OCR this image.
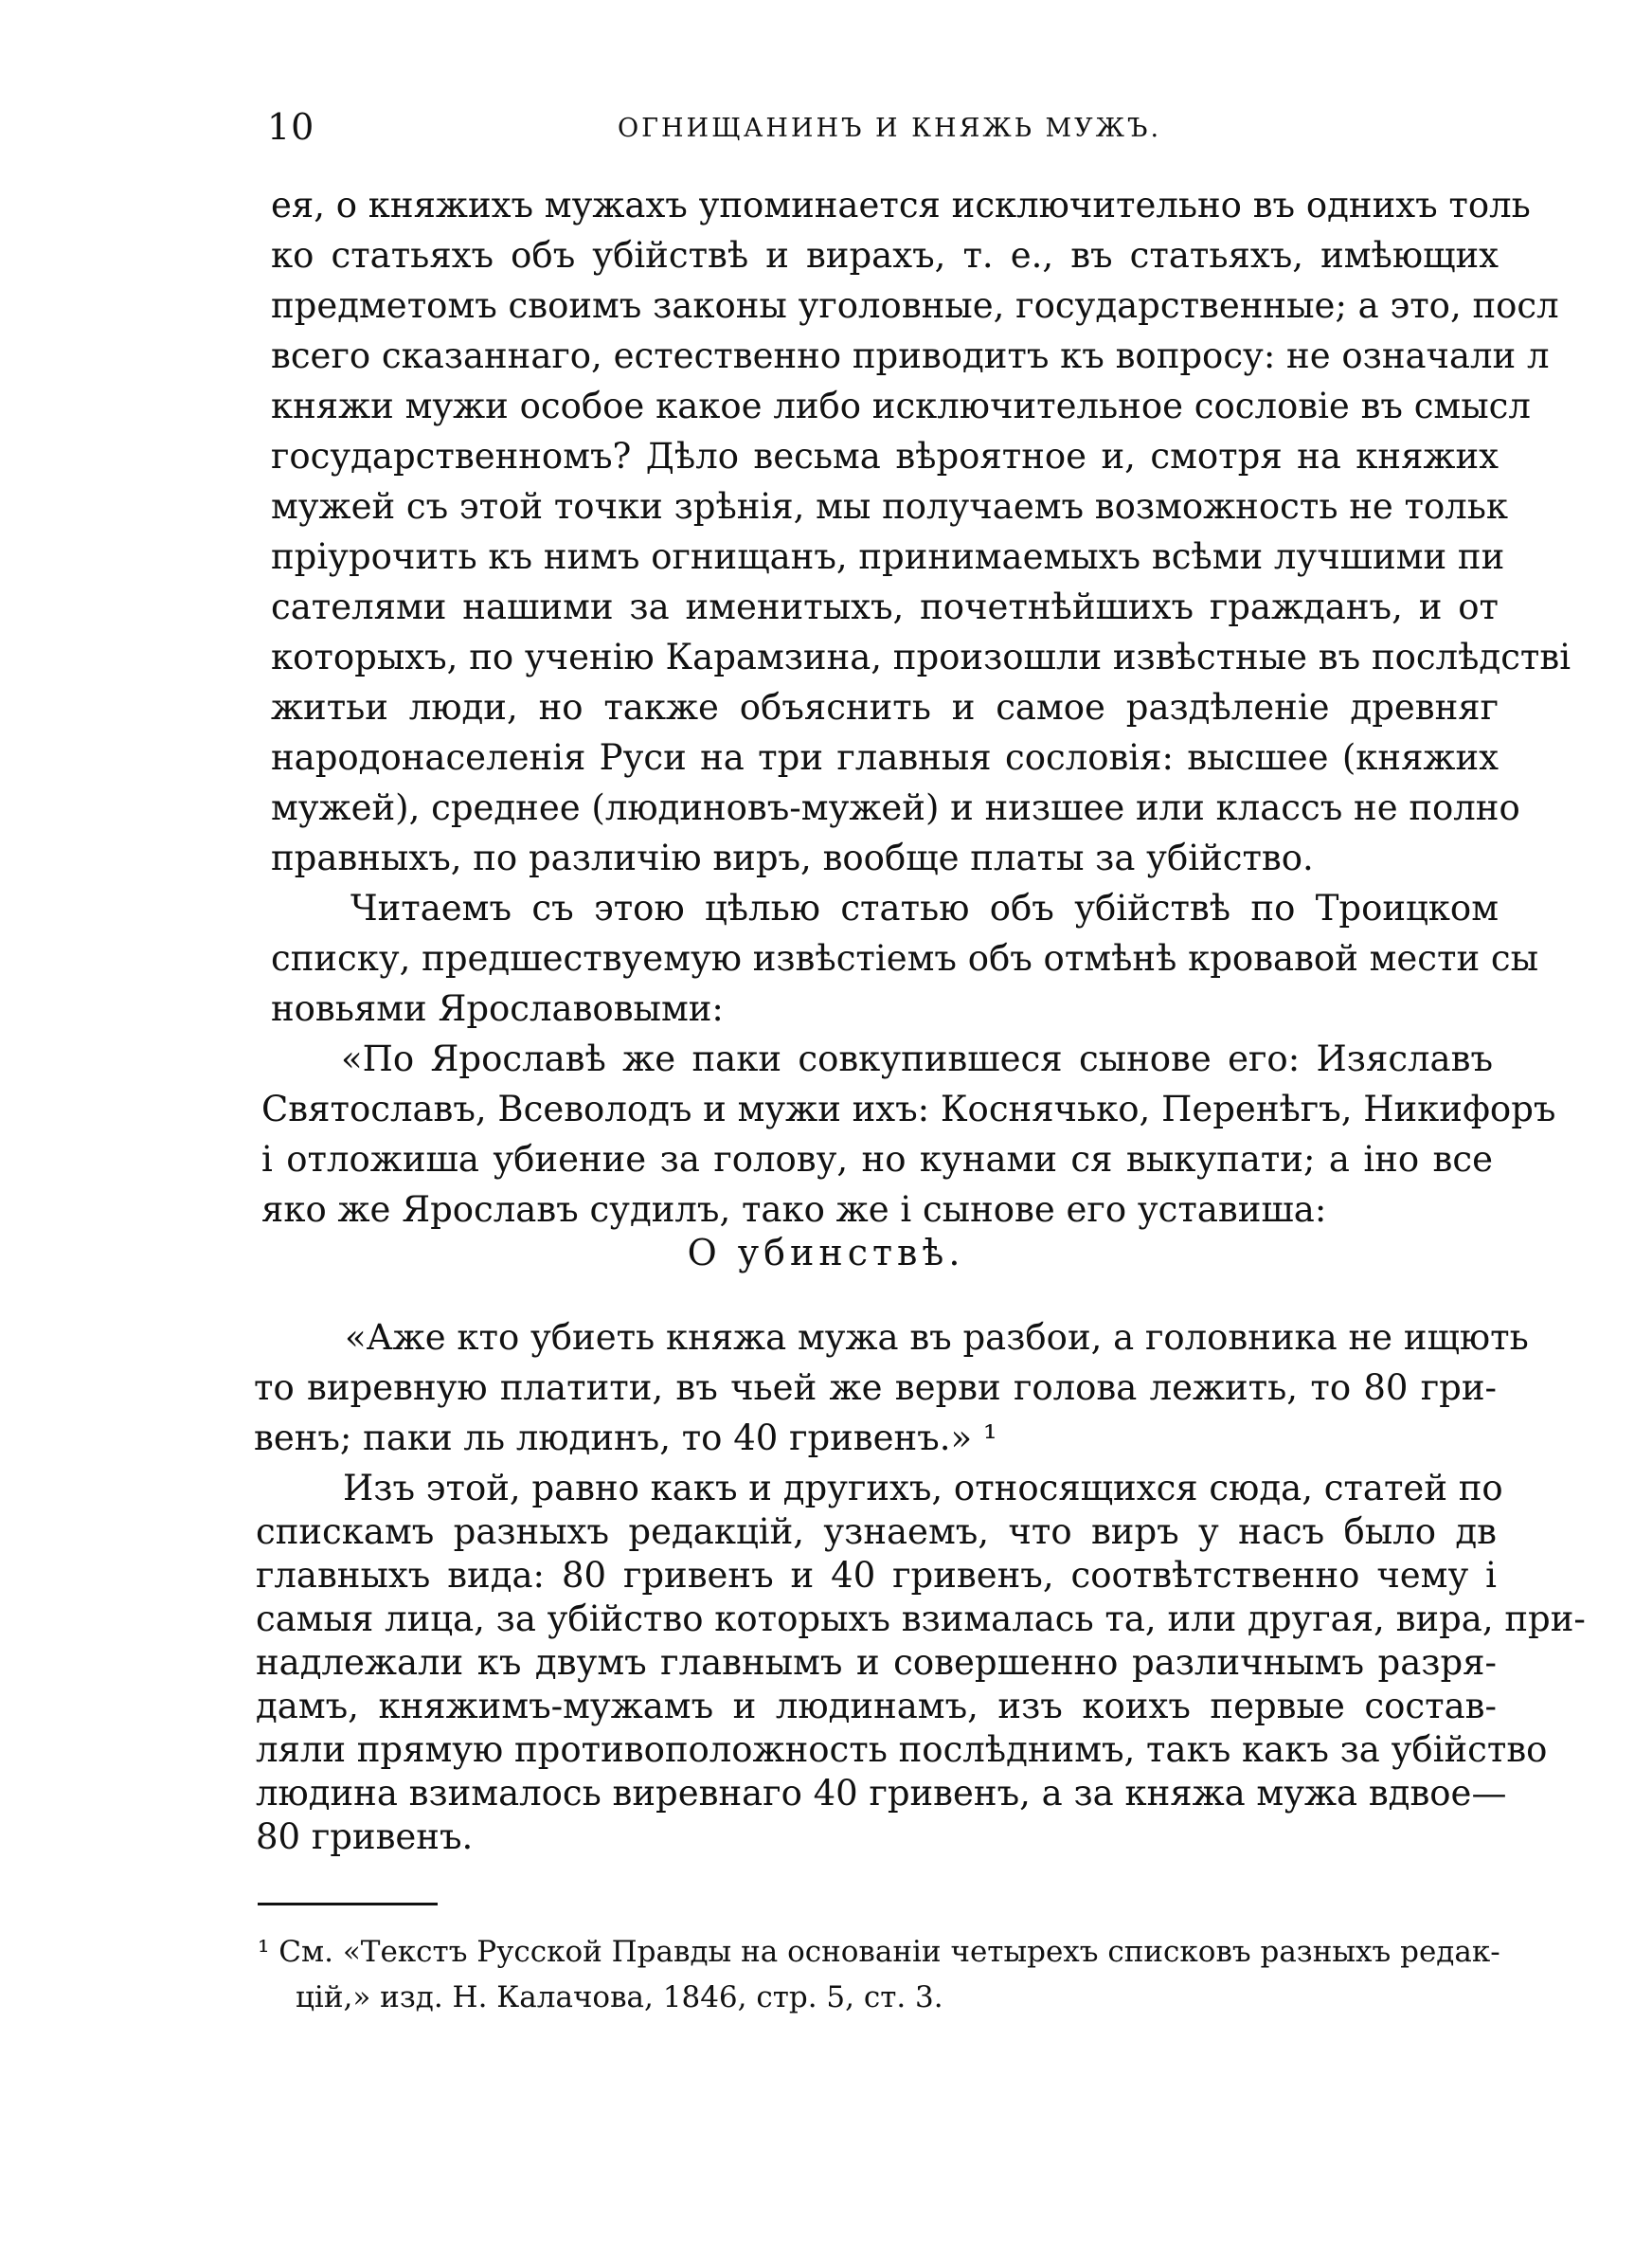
10	ОГНИЩАНИНЪ И КНЯЖЬ МУЖЪ.
ея, о княжихъ мужахъ упоминается исключительно въ однихъ толь
ко статьяхъ объ убійствѣ и вирахъ, т. е., въ статьяхъ, имѣющих
предметомъ своимъ законы уголовные, государственные; а это, посл
всего сказаннаго, естественно приводитъ къ вопросу: не означали л
княжи мужи особое какое либо исключительное сословіе въ смысл
государственномъ? Дѣло весьма вѣроятное и, смотря на княжих
мужей съ этой точки зрѣнія, мы получаемъ возможность не тольк
пріурочить къ нимъ огнищанъ, принимаемыхъ всѣми лучшими пи
сателями нашими за именитыхъ, почетнѣйшихъ гражданъ, и от
которыхъ, по ученію Карамзина, произошли извѣстные въ послѣдстві
житьи люди, но также объяснить и самое раздѣленіе древняг
народонаселенія Руси на три главныя сословія: высшее (княжих
мужей), среднее (людиновъ-мужей) и низшее или классъ не полно
правныхъ, по различію виръ, вообще платы за убійство.
Читаемъ съ этою цѣлью статью объ убійствѣ по Троицком
списку, предшествуемую извѣстіемъ объ отмѣнѣ кровавой мести сы
новьями Ярославовыми:
«По Ярославѣ же паки совкупившеся сынове его: Изяславъ
Святославъ, Всеволодъ и мужи ихъ: Коснячько, Перенѣгъ, Никифоръ
і отложиша убиение за голову, но кунами ся выкупати; а іно все
яко же Ярославъ судилъ, тако же і сынове его уставиша:
О убинствѣ.
«Аже кто убиеть княжа мужа въ разбои, а головника не ищють
то виревную платити, въ чьей же верви голова лежить, то 80 гри-
венъ; паки ль людинъ, то 40 гривенъ.» ¹
Изъ этой, равно какъ и другихъ, относящихся сюда, статей по
спискамъ разныхъ редакцій, узнаемъ, что виръ у насъ было дв
главныхъ вида: 80 гривенъ и 40 гривенъ, соотвѣтственно чему і
самыя лица, за убійство которыхъ взималась та, или другая, вира, при-
надлежали къ двумъ главнымъ и совершенно различнымъ разря-
дамъ, княжимъ-мужамъ и людинамъ, изъ коихъ первые состав-
ляли прямую противоположность послѣднимъ, такъ какъ за убійство
людина взималось виревнаго 40 гривенъ, а за княжа мужа вдвое—
80 гривенъ.
¹ См. «Текстъ Русской Правды на основаніи четырехъ списковъ разныхъ редак-
цій,» изд. Н. Калачова, 1846, стр. 5, ст. 3.
